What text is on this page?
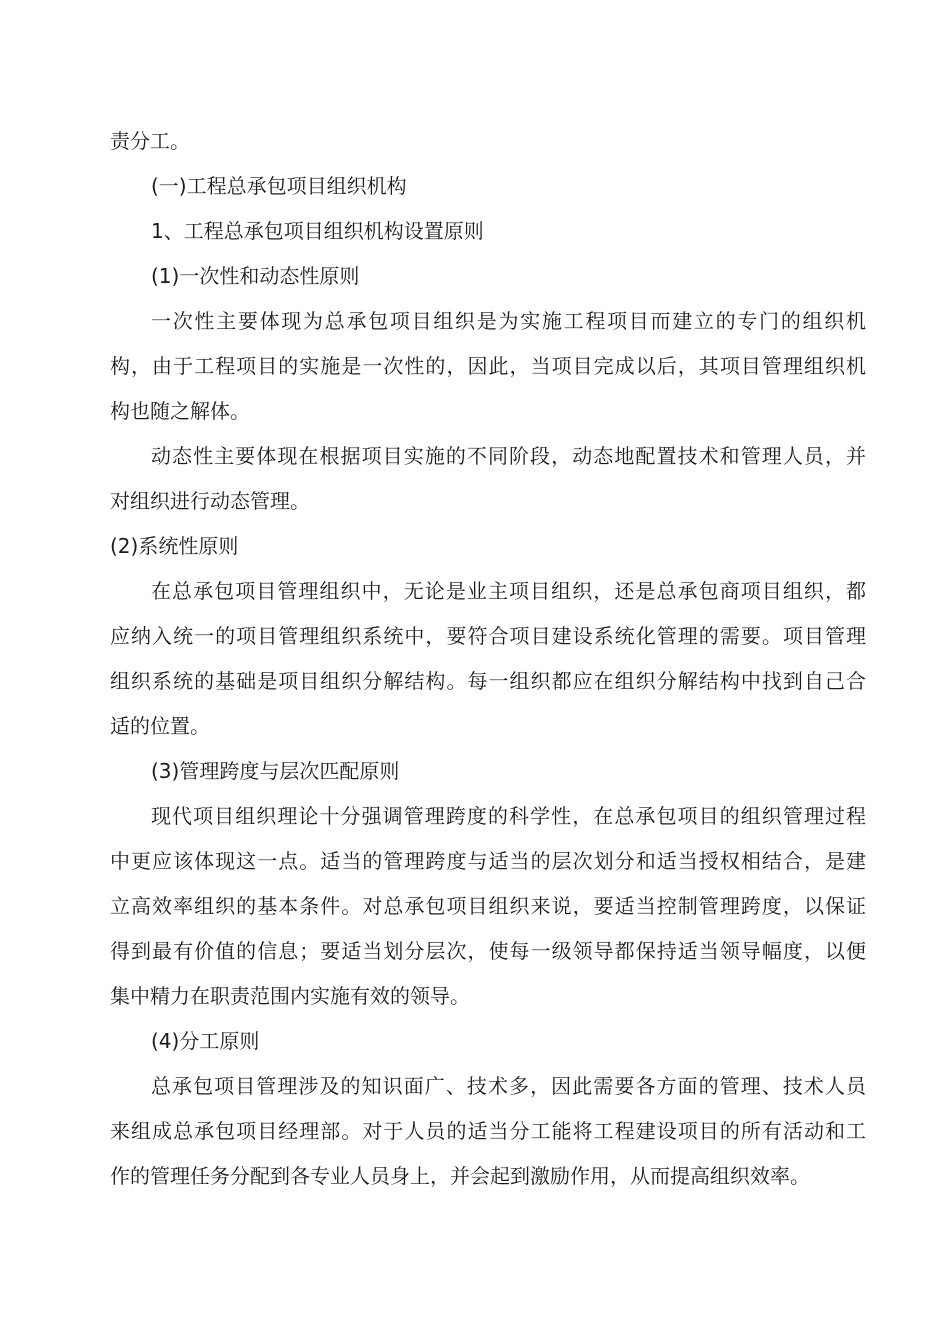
责分工。
(一)工程总承包项目组织机构
1、工程总承包项目组织机构设置原则
(1)一次性和动态性原则
一次性主要体现为总承包项目组织是为实施工程项目而建立的专门的组织机
构，由于工程项目的实施是一次性的，因此，当项目完成以后，其项目管理组织机
构也随之解体。
动态性主要体现在根据项目实施的不同阶段，动态地配置技术和管理人员，并
对组织进行动态管理。
(2)系统性原则
在总承包项目管理组织中，无论是业主项目组织，还是总承包商项目组织，都
应纳入统一的项目管理组织系统中，要符合项目建设系统化管理的需要。项目管理
组织系统的基础是项目组织分解结构。每一组织都应在组织分解结构中找到自己合
适的位置。
(3)管理跨度与层次匹配原则
现代项目组织理论十分强调管理跨度的科学性，在总承包项目的组织管理过程
中更应该体现这一点。适当的管理跨度与适当的层次划分和适当授权相结合，是建
立高效率组织的基本条件。对总承包项目组织来说，要适当控制管理跨度，以保证
得到最有价值的信息；要适当划分层次，使每一级领导都保持适当领导幅度，以便
集中精力在职责范围内实施有效的领导。
(4)分工原则
总承包项目管理涉及的知识面广、技术多，因此需要各方面的管理、技术人员
来组成总承包项目经理部。对于人员的适当分工能将工程建设项目的所有活动和工
作的管理任务分配到各专业人员身上，并会起到激励作用，从而提高组织效率。
